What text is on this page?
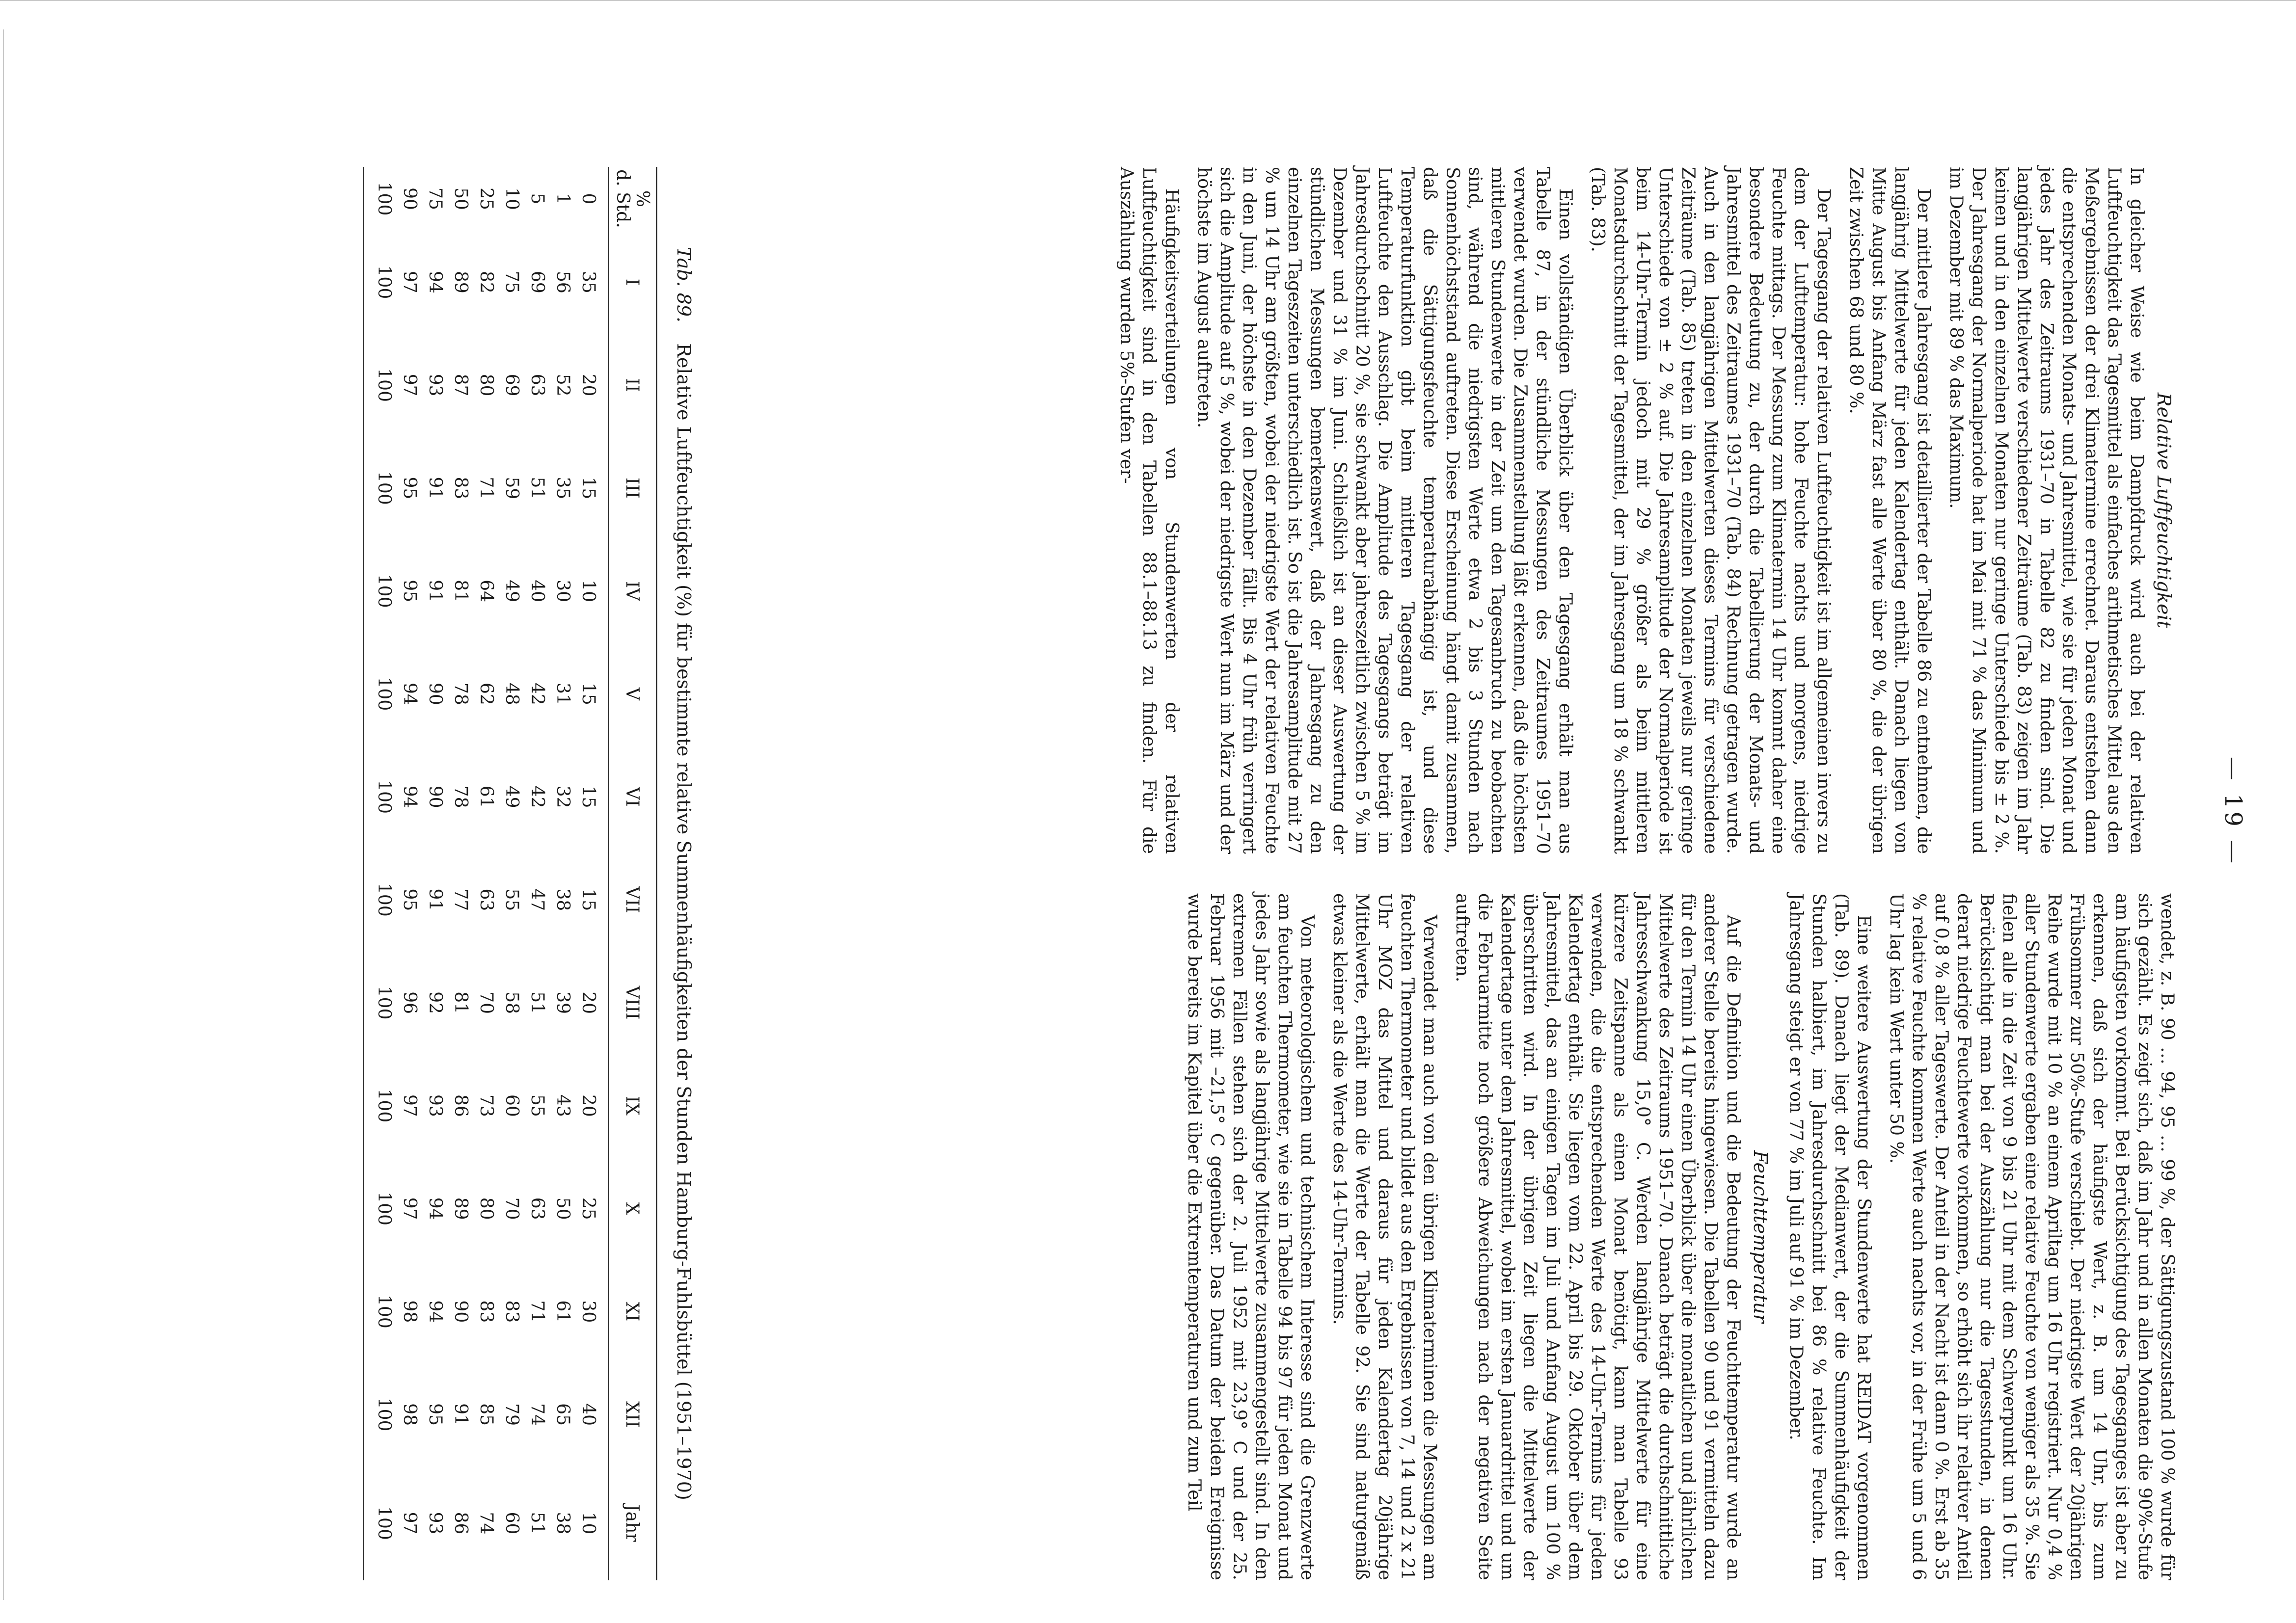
— 19 —
Relative Luftfeuchtigkeit

In gleicher Weise wie beim Dampfdruck wird auch bei der relativen Luftfeuchtigkeit das Tagesmittel als einfaches arithmetisches Mittel aus den Meßergebnissen der drei Klimatermine errechnet. Daraus entstehen dann die entsprechenden Monats- und Jahresmittel, wie sie für jeden Monat und jedes Jahr des Zeitraums 1931–70 in Tabelle 82 zu finden sind. Die langjährigen Mittelwerte verschiedener Zeiträume (Tab. 83) zeigen im Jahr keinen und in den einzelnen Monaten nur geringe Unterschiede bis ± 2 %. Der Jahresgang der Normalperiode hat im Mai mit 71 % das Minimum und im Dezember mit 89 % das Maximum.

Der mittlere Jahresgang ist detaillierter der Tabelle 86 zu entnehmen, die langjährig Mittelwerte für jeden Kalendertag enthält. Danach liegen von Mitte August bis Anfang März fast alle Werte über 80 %, die der übrigen Zeit zwischen 68 und 80 %.

Der Tagesgang der relativen Luftfeuchtigkeit ist im allgemeinen invers zu dem der Lufttemperatur: hohe Feuchte nachts und morgens, niedrige Feuchte mittags. Der Messung zum Klimatermin 14 Uhr kommt daher eine besondere Bedeutung zu, der durch die Tabellierung der Monats- und Jahresmittel des Zeitraumes 1931–70 (Tab. 84) Rechnung getragen wurde. Auch in den langjährigen Mittelwerten dieses Termins für verschiedene Zeiträume (Tab. 85) treten in den einzelnen Monaten jeweils nur geringe Unterschiede von ± 2 % auf. Die Jahresamplitude der Normalperiode ist beim 14-Uhr-Termin jedoch mit 29 % größer als beim mittleren Monatsdurchschnitt der Tagesmittel, der im Jahresgang um 18 % schwankt (Tab. 83).

Einen vollständigen Überblick über den Tagesgang erhält man aus Tabelle 87, in der stündliche Messungen des Zeitraumes 1951–70 verwendet wurden. Die Zusammenstellung läßt erkennen, daß die höchsten mittleren Stundenwerte in der Zeit um den Tagesanbruch zu beobachten sind, während die niedrigsten Werte etwa 2 bis 3 Stunden nach Sonnenhöchststand auftreten. Diese Erscheinung hängt damit zusammen, daß die Sättigungsfeuchte temperaturabhängig ist, und diese Temperaturfunktion gibt beim mittleren Tagesgang der relativen Luftfeuchte den Ausschlag. Die Amplitude des Tagesgangs beträgt im Jahresdurchschnitt 20 %, sie schwankt aber jahreszeitlich zwischen 5 % im Dezember und 31 % im Juni. Schließlich ist an dieser Auswertung der stündlichen Messungen bemerkenswert, daß der Jahresgang zu den einzelnen Tageszeiten unterschiedlich ist. So ist die Jahresamplitude mit 27 % um 14 Uhr am größten, wobei der niedrigste Wert der relativen Feuchte in den Juni, der höchste in den Dezember fällt. Bis 4 Uhr früh verringert sich die Amplitude auf 5 %, wobei der niedrigste Wert nun im März und der höchste im August auftreten.

Häufigkeitsverteilungen von Stundenwerten der relativen Luftfeuchtigkeit sind in den Tabellen 88.1–88.13 zu finden. Für die Auszählung wurden 5%-Stufen ver-

wendet, z. B. 90 … 94, 95 … 99 %, der Sättigungszustand 100 % wurde für sich gezählt. Es zeigt sich, daß im Jahr und in allen Monaten die 90%-Stufe am häufigsten vorkommt. Bei Berücksichtigung des Tagesganges ist aber zu erkennen, daß sich der häufigste Wert, z. B. um 14 Uhr, bis zum Frühsommer zur 50%-Stufe verschiebt. Der niedrigste Wert der 20jährigen Reihe wurde mit 10 % an einem Apriltag um 16 Uhr registriert. Nur 0,4 % aller Stundenwerte ergaben eine relative Feuchte von weniger als 35 %. Sie fielen alle in die Zeit von 9 bis 21 Uhr mit dem Schwerpunkt um 16 Uhr. Berücksichtigt man bei der Auszählung nur die Tagesstunden, in denen derart niedrige Feuchtewerte vorkommen, so erhöht sich ihr relativer Anteil auf 0,8 % aller Tageswerte. Der Anteil in der Nacht ist dann 0 %. Erst ab 35 % relative Feuchte kommen Werte auch nachts vor, in der Frühe um 5 und 6 Uhr lag kein Wert unter 50 %.

Eine weitere Auswertung der Stundenwerte hat REIDAT vorgenommen (Tab. 89). Danach liegt der Medianwert, der die Summenhäufigkeit der Stunden halbiert, im Jahresdurchschnitt bei 86 % relative Feuchte. Im Jahresgang steigt er von 77 % im Juli auf 91 % im Dezember.

Feuchttemperatur

Auf die Definition und die Bedeutung der Feuchttemperatur wurde an anderer Stelle bereits hingewiesen. Die Tabellen 90 und 91 vermitteln dazu für den Termin 14 Uhr einen Überblick über die monatlichen und jährlichen Mittelwerte des Zeitraums 1951–70. Danach beträgt die durchschnittliche Jahresschwankung 15,0° C. Werden langjährige Mittelwerte für eine kürzere Zeitspanne als einen Monat benötigt, kann man Tabelle 93 verwenden, die die entsprechenden Werte des 14-Uhr-Termins für jeden Kalendertag enthält. Sie liegen vom 22. April bis 29. Oktober über dem Jahresmittel, das an einigen Tagen im Juli und Anfang August um 100 % überschritten wird. In der übrigen Zeit liegen die Mittelwerte der Kalendertage unter dem Jahresmittel, wobei im ersten Januardrittel und um die Februarmitte noch größere Abweichungen nach der negativen Seite auftreten.

Verwendet man auch von den übrigen Klimaterminen die Messungen am feuchten Thermometer und bildet aus den Ergebnissen von 7, 14 und 2 x 21 Uhr MOZ das Mittel und daraus für jeden Kalendertag 20jährige Mittelwerte, erhält man die Werte der Tabelle 92. Sie sind naturgemäß etwas kleiner als die Werte des 14-Uhr-Termins.

Von meteorologischem und technischem Interesse sind die Grenzwerte am feuchten Thermometer, wie sie in Tabelle 94 bis 97 für jeden Monat und jedes Jahr sowie als langjährige Mittelwerte zusammengestellt sind. In den extremen Fällen stehen sich der 2. Juli 1952 mit 23,9° C und der 25. Februar 1956 mit –21,5° C gegenüber. Das Datum der beiden Ereignisse wurde bereits im Kapitel über die Extremtemperaturen und zum Teil

Tab. 89. Relative Luftfeuchtigkeit (%) für bestimmte relative Summenhäufigkeiten der Stunden Hamburg-Fuhlsbüttel (1951–1970)
%
d. Std.	I	II	III	IV	V	VI	VII	VIII	IX	X	XI	XII	Jahr
0	35	20	15	10	15	15	15	20	20	25	30	40	10
1	56	52	35	30	31	32	38	39	43	50	61	65	38
5	69	63	51	40	42	42	47	51	55	63	71	74	51
10	75	69	59	49	48	49	55	58	60	70	83	79	60
25	82	80	71	64	62	61	63	70	73	80	83	85	74
50	89	87	83	81	78	78	77	81	86	89	90	91	86
75	94	93	91	91	90	90	91	92	93	94	94	95	93
90	97	97	95	95	94	94	95	96	97	97	98	98	97
100	100	100	100	100	100	100	100	100	100	100	100	100	100
